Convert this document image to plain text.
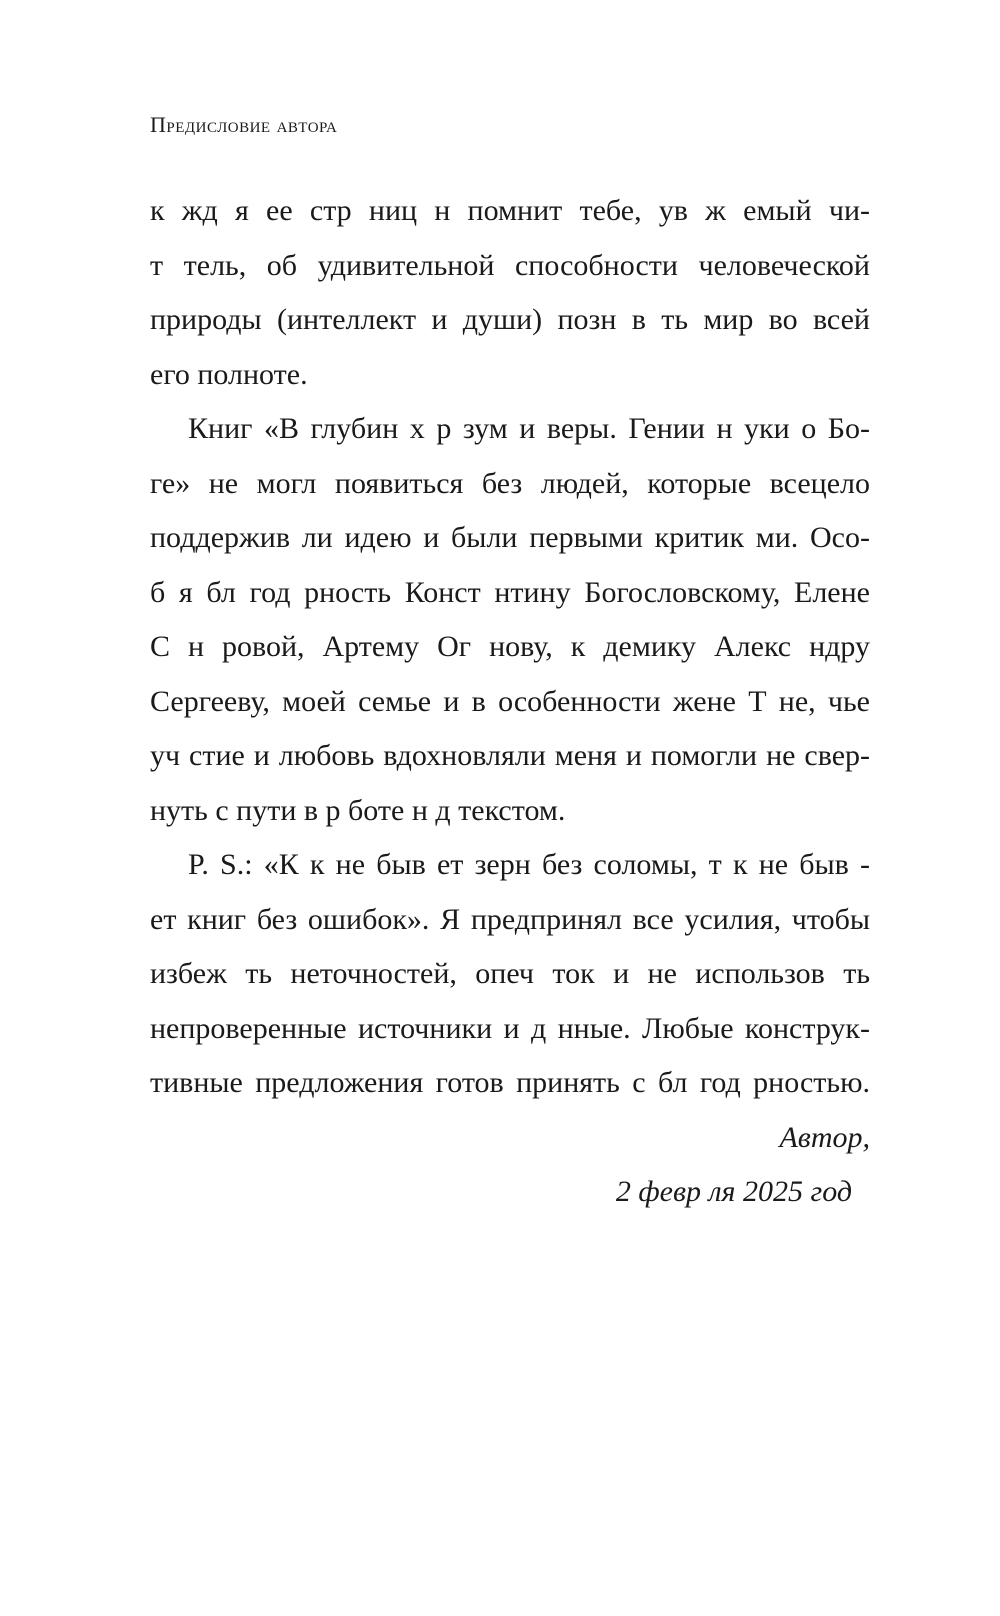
Предисловие автора
к жд я ее стр ниц н помнит тебе, ув ж емый чи-
т тель, об удивительной способности человеческой
природы (интеллект и души) позн в ть мир во всей
его полноте.
Книг «В глубин х р зум и веры. Гении н уки о Бо-
ге» не могл появиться без людей, которые всецело
поддержив ли идею и были первыми критик ми. Осо-
б я бл год рность Конст нтину Богословскому, Елене
С н ровой, Артему Ог нову, к демику Алекс ндру
Сергееву, моей семье и в особенности жене Т не, чье
уч стие и любовь вдохновляли меня и помогли не свер-
нуть с пути в р боте н д текстом.
P. S.: «К к не быв ет зерн без соломы, т к не быв -
ет книг без ошибок». Я предпринял все усилия, чтобы
избеж ть неточностей, опеч ток и не использов ть
непроверенные источники и д нные. Любые конструк-
тивные предложения готов принять с бл год рностью.
Автор,
2 февр ля 2025 год
